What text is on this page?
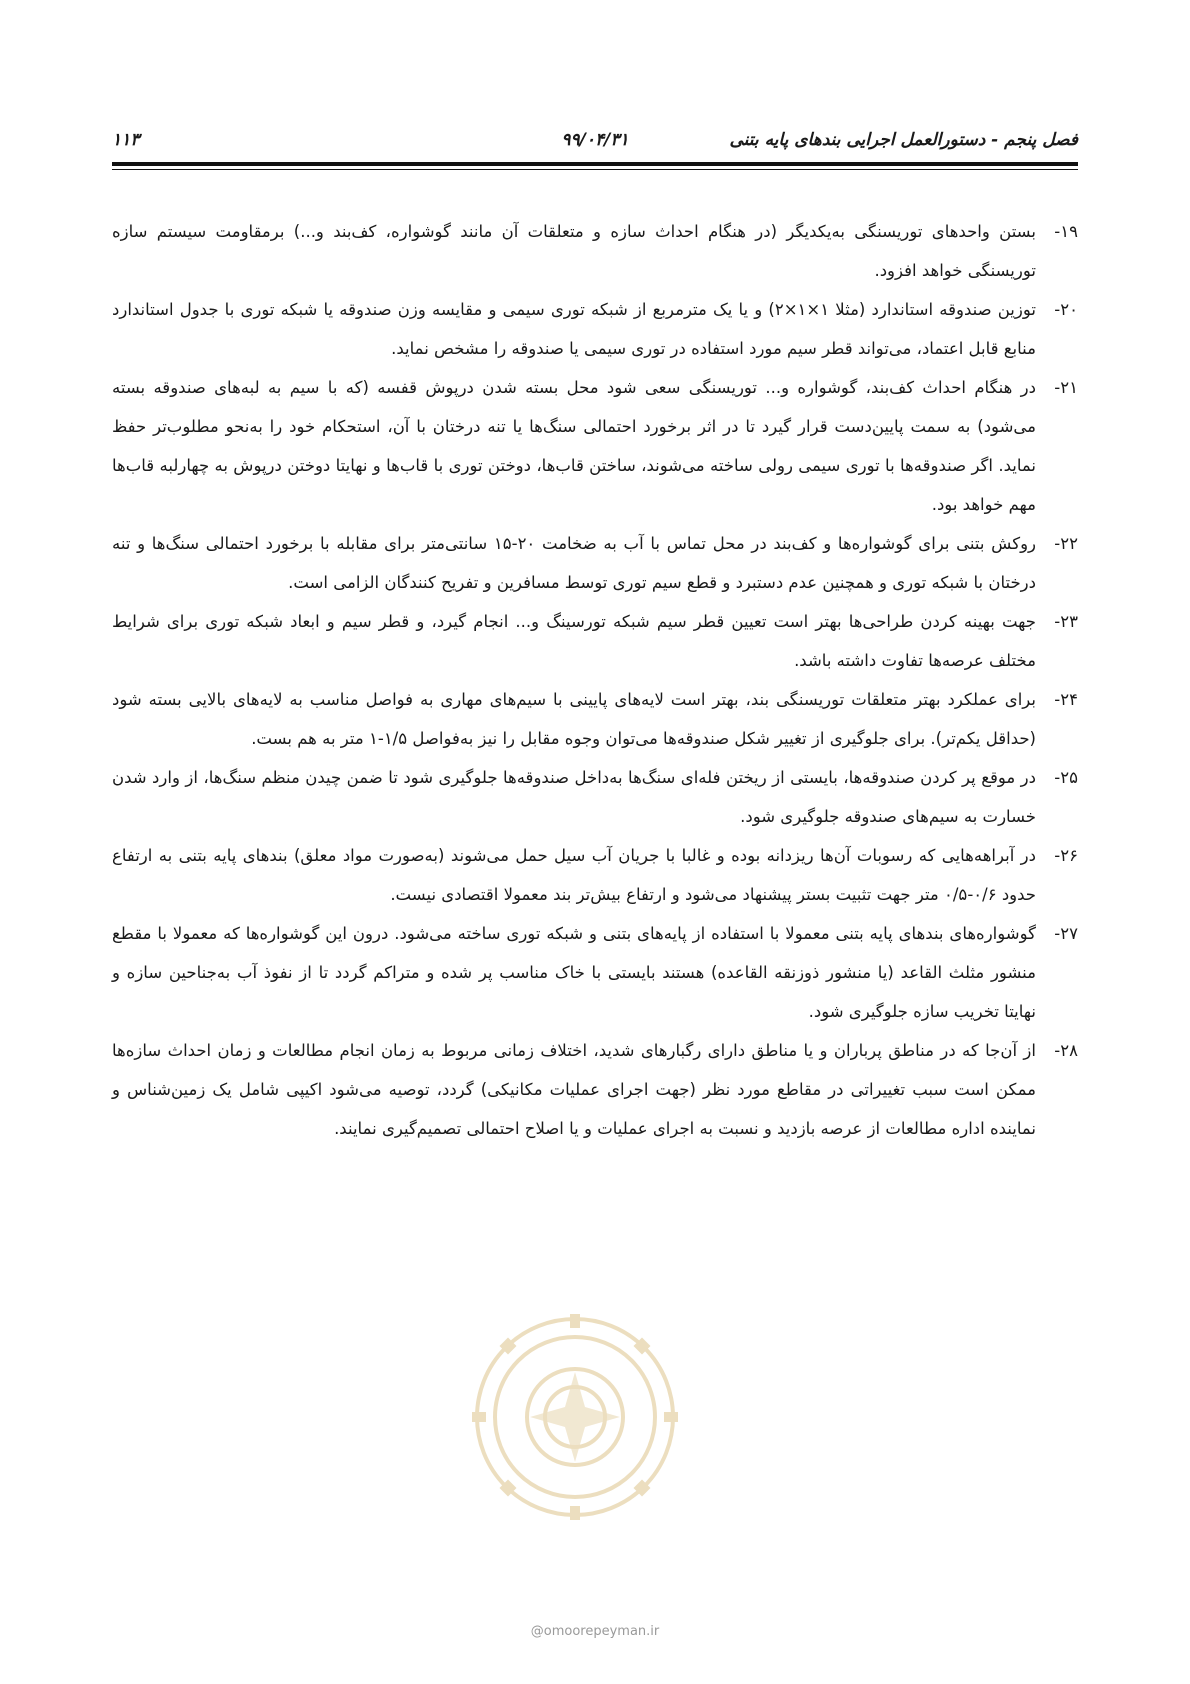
فصل پنجم - دستورالعمل اجرایی بندهای پایه بتنی
۹۹/۰۴/۳۱
۱۱۳

۱۹-
بستن واحدهای توریسنگی به‌یکدیگر (در هنگام احداث سازه و متعلقات آن مانند گوشواره، کف‌بند و...) برمقاومت سیستم سازه توریسنگی خواهد افزود.

۲۰-
توزین صندوقه استاندارد (مثلا ۱×۱×۲) و یا یک مترمربع از شبکه توری سیمی و مقایسه وزن صندوقه یا شبکه توری با جدول استاندارد منابع قابل اعتماد، می‌تواند قطر سیم مورد استفاده در توری سیمی یا صندوقه را مشخص نماید.

۲۱-
در هنگام احداث کف‌بند، گوشواره و... توریسنگی سعی شود محل بسته شدن درپوش قفسه (که با سیم به لبه‌های صندوقه بسته می‌شود) به سمت پایین‌دست قرار گیرد تا در اثر برخورد احتمالی سنگ‌ها یا تنه درختان با آن، استحکام خود را به‌نحو مطلوب‌تر حفظ نماید. اگر صندوقه‌ها با توری سیمی رولی ساخته می‌شوند، ساختن قاب‌ها، دوختن توری با قاب‌ها و نهایتا دوختن درپوش به چهارلبه قاب‌ها مهم خواهد بود.

۲۲-
روکش بتنی برای گوشواره‌ها و کف‌بند در محل تماس با آب به ضخامت ۲۰-۱۵ سانتی‌متر برای مقابله با برخورد احتمالی سنگ‌ها و تنه درختان با شبکه توری و همچنین عدم دستبرد و قطع سیم توری توسط مسافرین و تفریح کنندگان الزامی است.

۲۳-
جهت بهینه کردن طراحی‌ها بهتر است تعیین قطر سیم شبکه تورسینگ و... انجام گیرد، و قطر سیم و ابعاد شبکه توری برای شرایط مختلف عرصه‌ها تفاوت داشته باشد.

۲۴-
برای عملکرد بهتر متعلقات توریسنگی بند، بهتر است لایه‌های پایینی با سیم‌های مهاری به فواصل مناسب به لایه‌های بالایی بسته شود (حداقل یکم‌تر). برای جلوگیری از تغییر شکل صندوقه‌ها می‌توان وجوه مقابل را نیز به‌فواصل ۱/۵-۱ متر به هم بست.

۲۵-
در موقع پر کردن صندوقه‌ها، بایستی از ریختن فله‌ای سنگ‌ها به‌داخل صندوقه‌ها جلوگیری شود تا ضمن چیدن منظم سنگ‌ها، از وارد شدن خسارت به سیم‌های صندوقه جلوگیری شود.

۲۶-
در آبراهه‌هایی که رسوبات آن‌ها ریزدانه بوده و غالبا با جریان آب سیل حمل می‌شوند (به‌صورت مواد معلق) بندهای پایه بتنی به ارتفاع حدود ۰/۶-۰/۵ متر جهت تثبیت بستر پیشنهاد می‌شود و ارتفاع بیش‌تر بند معمولا اقتصادی نیست.

۲۷-
گوشواره‌های بندهای پایه بتنی معمولا با استفاده از پایه‌های بتنی و شبکه توری ساخته می‌شود. درون این گوشواره‌ها که معمولا با مقطع منشور مثلث القاعد (یا منشور ذوزنقه القاعده) هستند بایستی با خاک مناسب پر شده و متراکم گردد تا از نفوذ آب به‌جناحین سازه و نهایتا تخریب سازه جلوگیری شود.

۲۸-
از آن‌جا که در مناطق پرباران و یا مناطق دارای رگبارهای شدید، اختلاف زمانی مربوط به زمان انجام مطالعات و زمان احداث سازه‌ها ممکن است سبب تغییراتی در مقاطع مورد نظر (جهت اجرای عملیات مکانیکی) گردد، توصیه می‌شود اکیپی شامل یک زمین‌شناس و نماینده اداره مطالعات از عرصه بازدید و نسبت به اجرای عملیات و یا اصلاح احتمالی تصمیم‌گیری نمایند.

@omoorepeyman.ir
